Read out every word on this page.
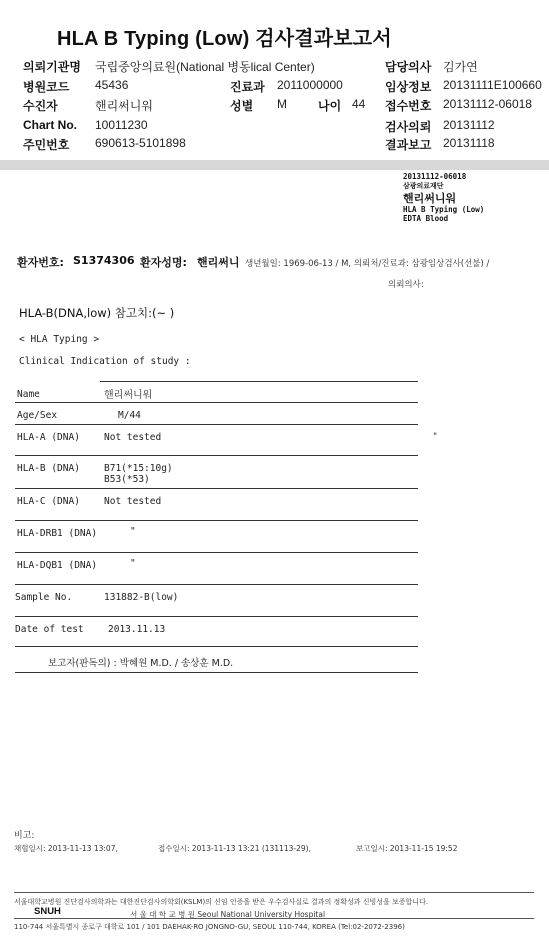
HLA B Typing (Low) 검사결과보고서
의뢰기관명 국립중앙의료원(National 병동lical Center)
병원코드 45436
수진자	핸리써니워
Chart No. 10011230
주민번호 690613-5101898
진료과 2011000000
성별 M	나이 44
담당의사 김가연
임상정보 20131111E100660
접수번호 20131112-06018
검사의뢰 20131112
결과보고 20131118
20131112-06018
삼광의료재단
핸리써니워
HLA B Typing (Low)
EDTA Blood
환자번호: S1374306 환자성명: 핸리써니 생년월일: 1969-06-13 / M, 의뢰처/진료과: 삼광임상검사(선불) /
의뢰의사:
HLA-B(DNA,low) 참고치:(~ )
< HLA Typing >
Clinical Indication of study :
Name	핸리써니워
Age/Sex	M/44
HLA-A (DNA)	Not tested	"
HLA-B (DNA)	B71(*15:10g)
B53(*53)
HLA-C (DNA)	Not tested
HLA-DRB1 (DNA)	"
HLA-DQB1 (DNA)	"
Sample No.	131882-B(low)
Date of test	2013.11.13
보고자(판독의) : 박혜원 M.D. / 송상훈 M.D.
비고:
채혈일시: 2013-11-13 13:07,	접수일시: 2013-11-13 13:21 (131113-29),	보고일시: 2013-11-15 19:52
서울대학교병원 진단검사의학과는 대한진단검사의학회(KSLM)의 신임 인증을 받은 우수검사실로 결과의 정확성과 신빙성을 보증합니다.
SNUH	서 울 대 학 교 병 원 Seoul National University Hospital
110-744 서울특별시 종로구 대학로 101 / 101 DAEHAK-RO JONGNO-GU, SEOUL 110-744, KOREA (Tel:02-2072-2396)
